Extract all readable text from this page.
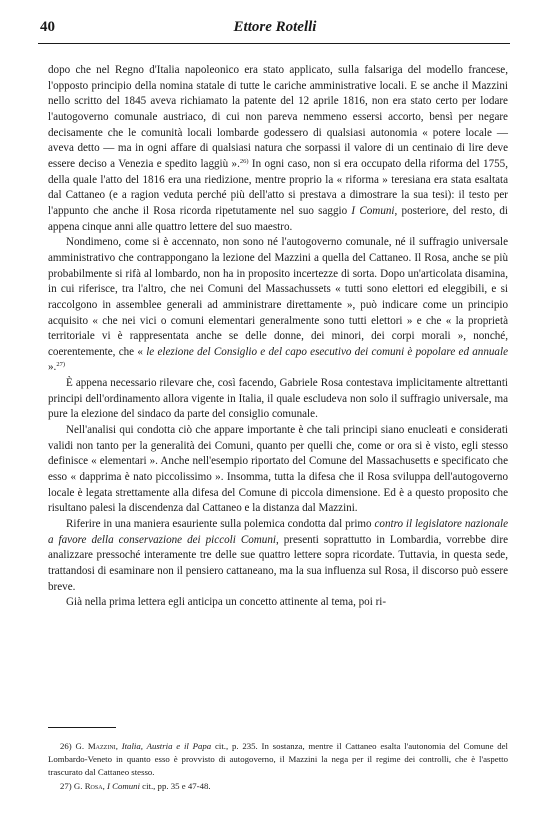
40	Ettore Rotelli

dopo che nel Regno d'Italia napoleonico era stato applicato, sulla falsariga del modello francese, l'opposto principio della nomina statale di tutte le cariche amministrative locali. E se anche il Mazzini nello scritto del 1845 aveva richiamato la patente del 12 aprile 1816, non era stato certo per lodare l'autogoverno comunale austriaco, di cui non pareva nemmeno essersi accorto, bensì per negare decisamente che le comunità locali lombarde godessero di qualsiasi autonomia « potere locale — aveva detto — ma in ogni affare di qualsiasi natura che sorpassi il valore di un centinaio di lire deve essere deciso a Venezia e spedito laggiù ».$^{26)}$ In ogni caso, non si era occupato della riforma del 1755, della quale l'atto del 1816 era una riedizione, mentre proprio la « riforma » teresiana era stata esaltata dal Cattaneo (e a ragion veduta perché più dell'atto si prestava a dimostrare la sua tesi): il testo per l'appunto che anche il Rosa ricorda ripetutamente nel suo saggio I Comuni, posteriore, del resto, di appena cinque anni alle quattro lettere del suo maestro.

Nondimeno, come si è accennato, non sono né l'autogoverno comunale, né il suffragio universale amministrativo che contrappongano la lezione del Mazzini a quella del Cattaneo. Il Rosa, anche se più probabilmente si rifà al lombardo, non ha in proposito incertezze di sorta. Dopo un'articolata disamina, in cui riferisce, tra l'altro, che nei Comuni del Massachussets « tutti sono elettori ed eleggibili, e si raccolgono in assemblee generali ad amministrare direttamente », può indicare come un principio acquisito « che nei vici o comuni elementari generalmente sono tutti elettori » e che « la proprietà territoriale vi è rappresentata anche se delle donne, dei minori, dei corpi morali », nonché, coerentemente, che « le elezione del Consiglio e del capo esecutivo dei comuni è popolare ed annuale ».$^{27)}$

È appena necessario rilevare che, così facendo, Gabriele Rosa contestava implicitamente altrettanti principi dell'ordinamento allora vigente in Italia, il quale escludeva non solo il suffragio universale, ma pure la elezione del sindaco da parte del consiglio comunale.

Nell'analisi qui condotta ciò che appare importante è che tali principi siano enucleati e considerati validi non tanto per la generalità dei Comuni, quanto per quelli che, come or ora si è visto, egli stesso definisce « elementari ». Anche nell'esempio riportato del Comune del Massachusetts e specificato che esso « dapprima è nato piccolissimo ». Insomma, tutta la difesa che il Rosa sviluppa dell'autogoverno locale è legata strettamente alla difesa del Comune di piccola dimensione. Ed è a questo proposito che risultano palesi la discendenza dal Cattaneo e la distanza dal Mazzini.

Riferire in una maniera esauriente sulla polemica condotta dal primo contro il legislatore nazionale a favore della conservazione dei piccoli Comuni, presenti soprattutto in Lombardia, vorrebbe dire analizzare pressoché interamente tre delle sue quattro lettere sopra ricordate. Tuttavia, in questa sede, trattandosi di esaminare non il pensiero cattaneano, ma la sua influenza sul Rosa, il discorso può essere breve.

Già nella prima lettera egli anticipa un concetto attinente al tema, poi ri-

26) G. Mazzini, Italia, Austria e il Papa cit., p. 235. In sostanza, mentre il Cattaneo esalta l'autonomia del Comune del Lombardo-Veneto in quanto esso è provvisto di autogoverno, il Mazzini la nega per il regime dei controlli, che è l'aspetto trascurato dal Cattaneo stesso.

27) G. Rosa, I Comuni cit., pp. 35 e 47-48.
